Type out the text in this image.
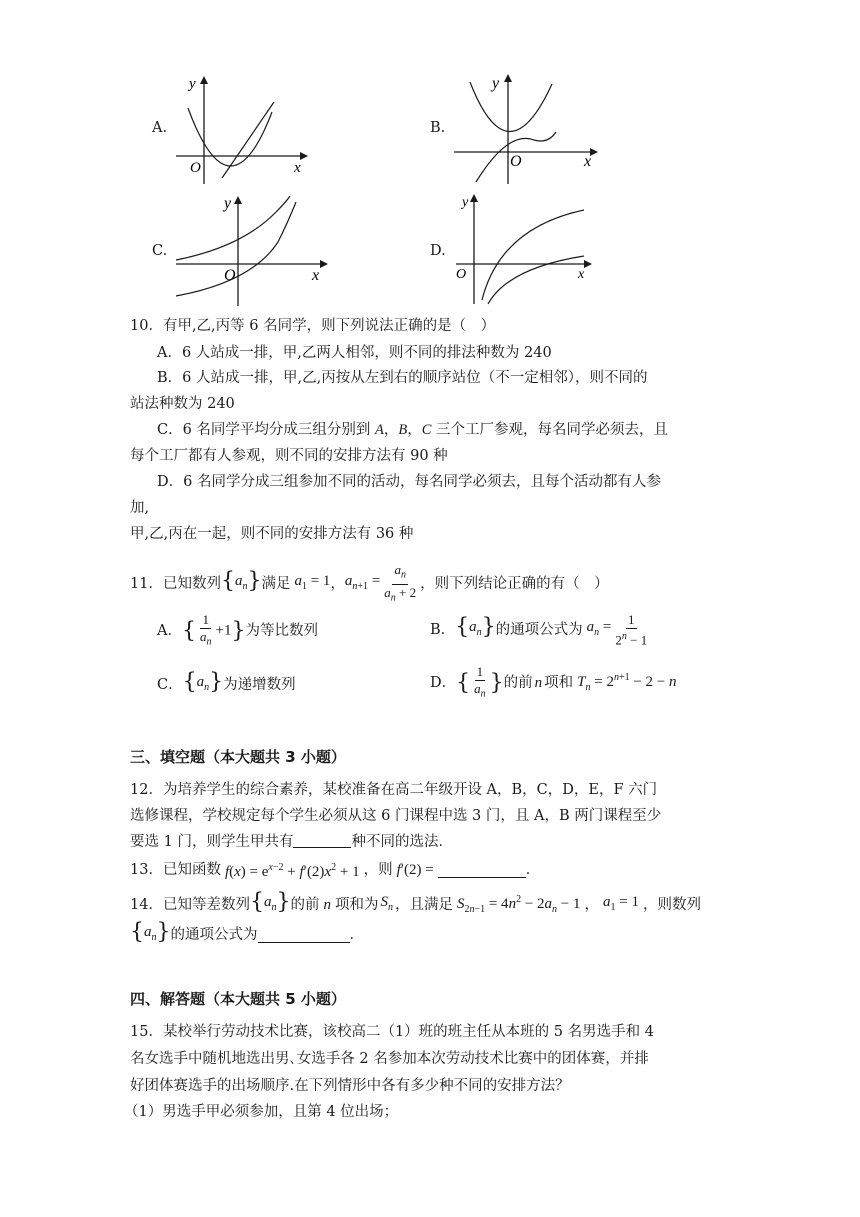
A.
y
x
O
B.
y
x
O
C.
y
x
O
D.
y
x
O
10．有甲,乙,丙等 6 名同学，则下列说法正确的是（　）
A．6 人站成一排，甲,乙两人相邻，则不同的排法种数为 240
B．6 人站成一排，甲,乙,丙按从左到右的顺序站位（不一定相邻），则不同的
站法种数为 240
C．6 名同学平均分成三组分别到 A，B，C 三个工厂参观，每名同学必须去，且
每个工厂都有人参观，则不同的安排方法有 90 种
D．6 名同学分成三组参加不同的活动，每名同学必须去，且每个活动都有人参
加,
甲,乙,丙在一起，则不同的安排方法有 36 种
11．已知数列 $\{a_n\}$ 满足 $a_1 = 1$ ， $a_{n+1} = \frac{a_n}{a_n + 2}$ ，则下列结论正确的有（　）
A． { $\frac{1}{a_n} +1$} 为等比数列	B． $\{a_n\}$ 的通项公式为 $a_n = \frac{1}{2^n - 1}$
C． $\{a_n\}$ 为递增数列	D． { $\frac{1}{a_n}$ } 的前 n 项和 $T_n = 2^{n+1} - 2 - n$
三、填空题（本大题共 3 小题）
12．为培养学生的综合素养，某校准备在高二年级开设 A，B，C，D，E，F 六门
选修课程，学校规定每个学生必须从这 6 门课程中选 3 门，且 A，B 两门课程至少
要选 1 门，则学生甲共有	种不同的选法．
13．已知函数 $f(x) = e^{x-2} + f'(2)x^2 + 1$ ，则 f′(2) =	．
14．已知等差数列 $\{a_n\}$ 的前 n 项和为 $S_n$ ，且满足 $S_{2n-1} = 4n^2 - 2a_n - 1$ ， $a_1 = 1$ ，则数列
$\{a_n\}$ 的通项公式为	．
四、解答题（本大题共 5 小题）
15．某校举行劳动技术比赛，该校高二（1）班的班主任从本班的 5 名男选手和 4
名女选手中随机地选出男､女选手各 2 名参加本次劳动技术比赛中的团体赛，并排
好团体赛选手的出场顺序.在下列情形中各有多少种不同的安排方法？
（1）男选手甲必须参加，且第 4 位出场；
